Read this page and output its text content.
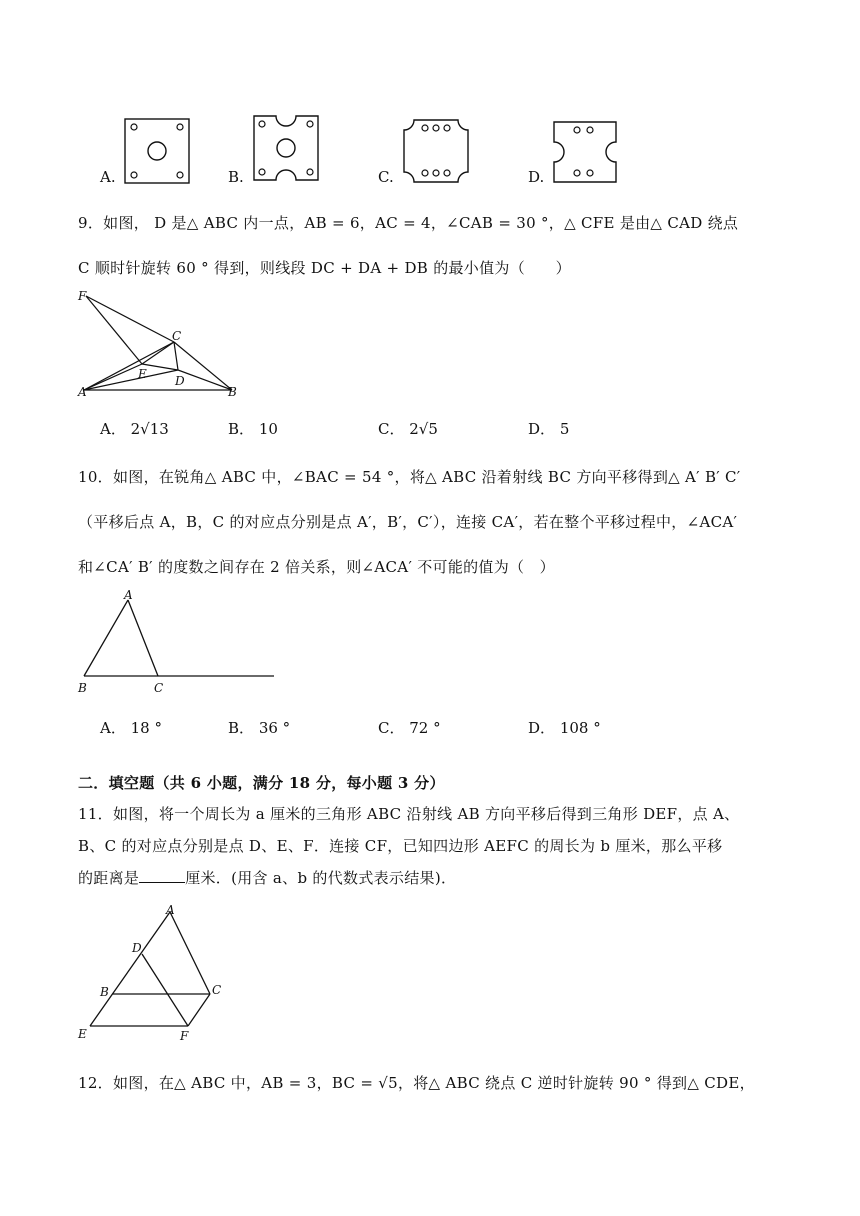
A.	B.	C.	D.
9．如图， D 是△ ABC 内一点，AB = 6，AC = 4，∠CAB = 30 °，△ CFE 是由△ CAD 绕点
C 顺时针旋转 60 ° 得到，则线段 DC + DA + DB 的最小值为（　　）
F
C
E D
A	B
A． 2√13	B． 10	C． 2√5	D． 5
10．如图，在锐角△ ABC 中，∠BAC = 54 °，将△ ABC 沿着射线 BC 方向平移得到△ A′ B′ C′
（平移后点 A，B，C 的对应点分别是点 A′，B′，C′），连接 CA′，若在整个平移过程中，∠ACA′
和∠CA′ B′ 的度数之间存在 2 倍关系，则∠ACA′ 不可能的值为（　）
A
B	C
A． 18 °	B． 36 °	C． 72 °	D． 108 °
二．填空题（共 6 小题，满分 18 分，每小题 3 分）
11．如图，将一个周长为 a 厘米的三角形 ABC 沿射线 AB 方向平移后得到三角形 DEF，点 A、
B、C 的对应点分别是点 D、E、F．连接 CF，已知四边形 AEFC 的周长为 b 厘米，那么平移
的距离是	厘米．(用含 a、b 的代数式表示结果)．
A
D
B	C
E	F
12．如图，在△ ABC 中，AB = 3，BC = √5，将△ ABC 绕点 C 逆时针旋转 90 ° 得到△ CDE，
